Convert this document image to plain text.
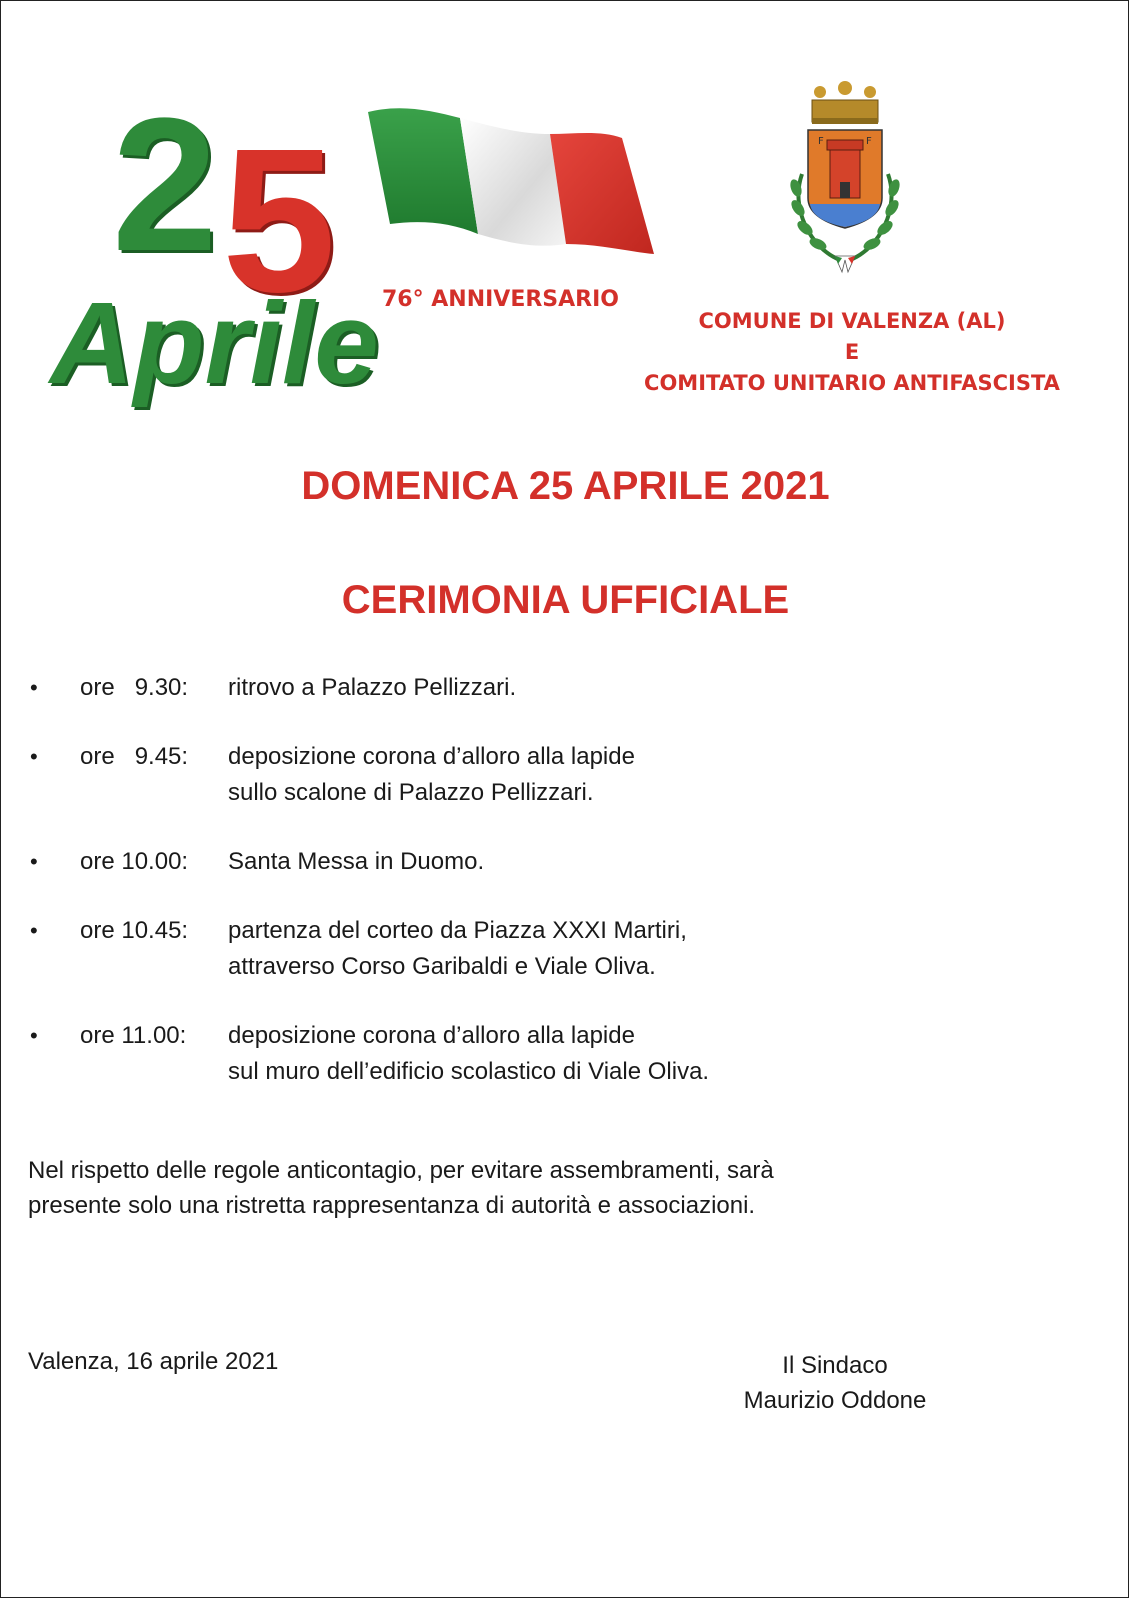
2 5
Aprile 76° ANNIVERSARIO
F	F
COMUNE DI VALENZA (AL)
E
COMITATO UNITARIO ANTIFASCISTA
DOMENICA 25 APRILE 2021
CERIMONIA UFFICIALE
• ore   9.30: ritrovo a Palazzo Pellizzari.
• ore   9.45: deposizione corona d’alloro alla lapide
sullo scalone di Palazzo Pellizzari.
• ore 10.00: Santa Messa in Duomo.
• ore 10.45: partenza del corteo da Piazza XXXI Martiri,
attraverso Corso Garibaldi e Viale Oliva.
• ore 11.00: deposizione corona d’alloro alla lapide
sul muro dell’edificio scolastico di Viale Oliva.
Nel rispetto delle regole anticontagio, per evitare assembramenti, sarà
presente solo una ristretta rappresentanza di autorità e associazioni.
Valenza, 16 aprile 2021	Il Sindaco
Maurizio Oddone
